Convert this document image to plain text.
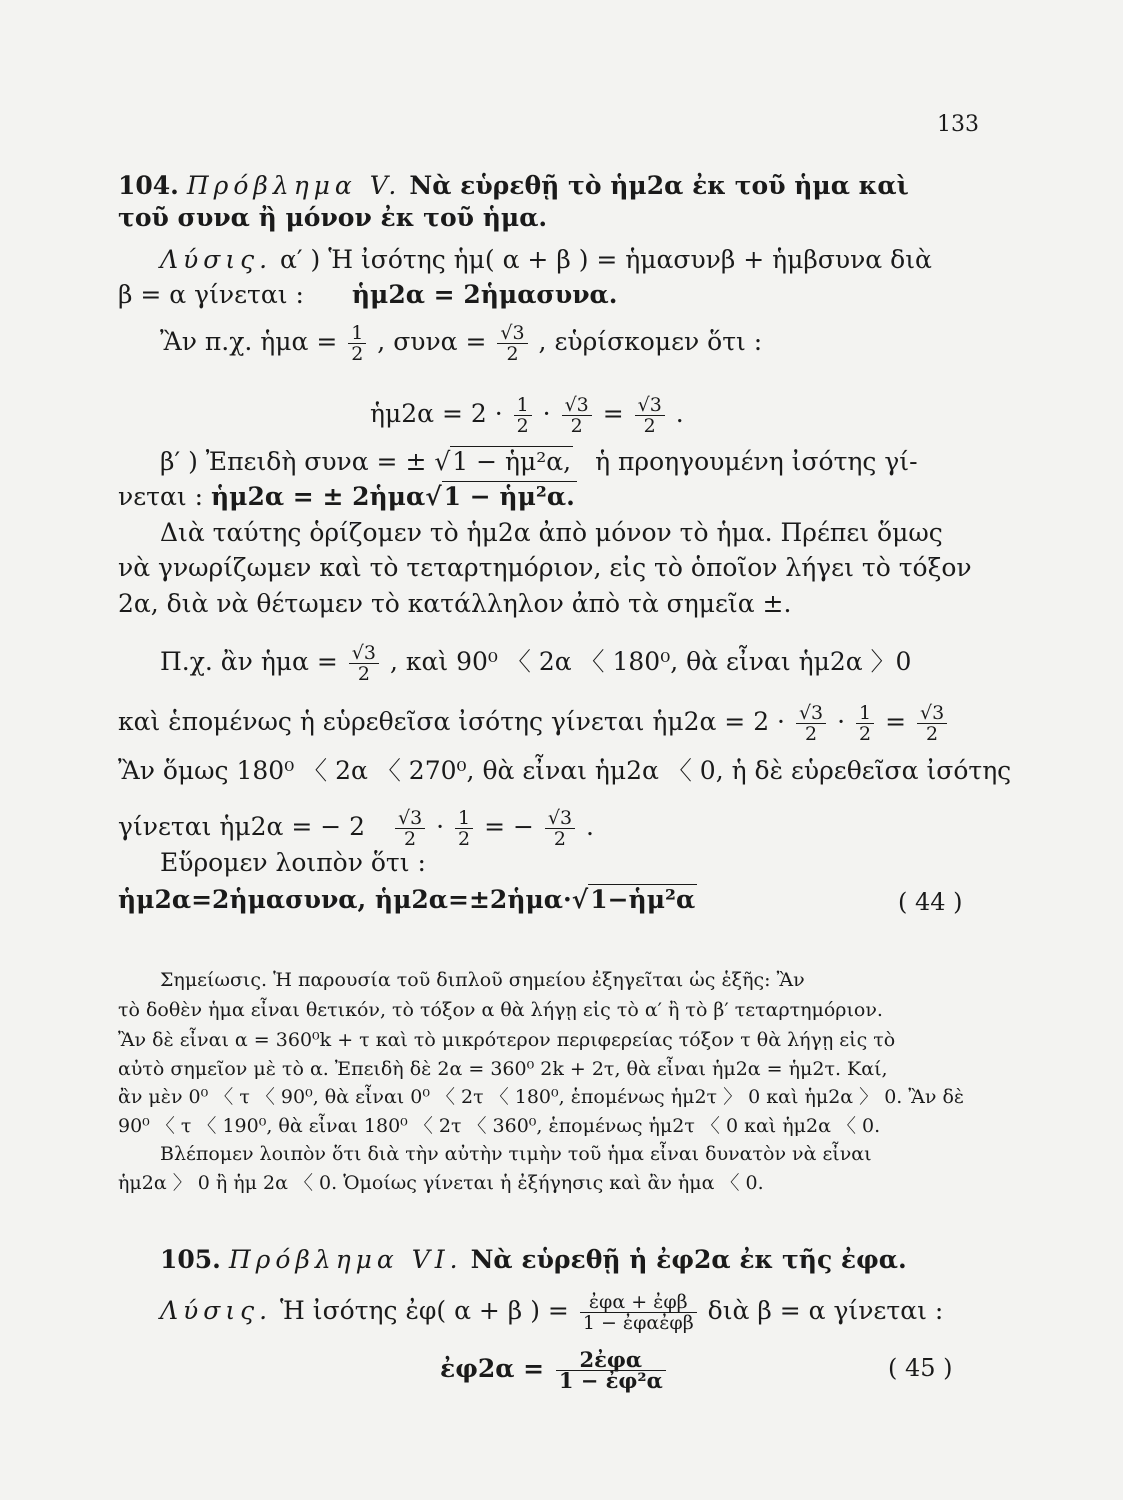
133
104. Πρόβλημα V. Νὰ εὑρεθῇ τὸ ἡμ2α ἐκ τοῦ ἡμα καὶ
τοῦ συνα ἢ μόνον ἐκ τοῦ ἡμα.
Λύσις. α′ ) Ἡ ἰσότης ἡμ( α + β ) = ἡμασυνβ + ἡμβσυνα διὰ
β = α γίνεται : ἡμ2α = 2ἡμασυνα.
Ἂν π.χ. ἡμα = $\frac{1}{2}$ , $\sigma\upsilon\nu\alpha = \frac{√3}{2}$ , εὑρίσκομεν ὅτι :
ἡμ2α = $2 \cdot \frac{1}{2} \cdot \frac{√3}{2} = \frac{√3}{2}$ .
β′ ) Ἐπειδὴ συνα = ± √1 − ἡμ²α, ἡ προηγουμένη ἰσότης γί-
νεται : ἡμ2α = ± 2ἡμα√1 − ἡμ²α.
Διὰ ταύτης ὁρίζομεν τὸ ἡμ2α ἀπὸ μόνον τὸ ἡμα. Πρέπει ὅμως
νὰ γνωρίζωμεν καὶ τὸ τεταρτημόριον, εἰς τὸ ὁποῖον λήγει τὸ τόξον
2α, διὰ νὰ θέτωμεν τὸ κατάλληλον ἀπὸ τὰ σημεῖα ±.
Π.χ. ἂν ἡμα = $\frac{√3}{2}$ , καὶ 90⁰ 〈 2α 〈 180⁰, θὰ εἶναι ἡμ2α 〉0
καὶ ἑπομένως ἡ εὑρεθεῖσα ἰσότης γίνεται ἡμ2α = $2 \cdot \frac{√3}{2} \cdot \frac{1}{2} = \frac{√3}{2}$
Ἂν ὅμως 180⁰ 〈 2α 〈 270⁰, θὰ εἶναι ἡμ2α 〈 0, ἡ δὲ εὑρεθεῖσα ἰσότης
γίνεται ἡμ2α = − $2 \frac{√3}{2} \cdot \frac{1}{2}$ = − $\frac{√3}{2}$ .
Εὕρομεν λοιπὸν ὅτι :
ἡμ2α=2ἡμασυνα, ἡμ2α=±2ἡμα·√1−ἡμ²α	( 44 )
Σημείωσις. Ἡ παρουσία τοῦ διπλοῦ σημείου ἐξηγεῖται ὡς ἑξῆς: Ἂν
τὸ δοθὲν ἡμα εἶναι θετικόν, τὸ τόξον α θὰ λήγῃ εἰς τὸ α′ ἢ τὸ β′ τεταρτημόριον.
Ἂν δὲ εἶναι α = 360⁰k + τ καὶ τὸ μικρότερον περιφερείας τόξον τ θὰ λήγῃ εἰς τὸ
αὐτὸ σημεῖον μὲ τὸ α. Ἐπειδὴ δὲ 2α = 360⁰ 2k + 2τ, θὰ εἶναι ἡμ2α = ἡμ2τ. Καί,
ἂν μὲν 0⁰ 〈 τ 〈 90⁰, θὰ εἶναι 0⁰ 〈 2τ 〈 180⁰, ἑπομένως ἡμ2τ 〉 0 καὶ ἡμ2α 〉 0. Ἂν δὲ
90⁰ 〈 τ 〈 190⁰, θὰ εἶναι 180⁰ 〈 2τ 〈 360⁰, ἑπομένως ἡμ2τ 〈 0 καὶ ἡμ2α 〈 0.
Βλέπομεν λοιπὸν ὅτι διὰ τὴν αὐτὴν τιμὴν τοῦ ἡμα εἶναι δυνατὸν νὰ εἶναι
ἡμ2α 〉 0 ἢ ἡμ 2α 〈 0. Ὁμοίως γίνεται ἡ ἐξήγησις καὶ ἂν ἡμα 〈 0.
105. Πρόβλημα VI. Νὰ εὑρεθῇ ἡ ἐφ2α ἐκ τῆς ἐφα.
Λύσις. Ἡ ἰσότης ἐφ( α + β ) = $\frac{\text{ἐφα + ἐφβ}}{\text{1 − ἐφαἐφβ}}$ διὰ β = α γίνεται :
ἐφ2α = $\frac{\text{2ἐφα}}{\text{1 − ἐφ²α}}$	( 45 )
